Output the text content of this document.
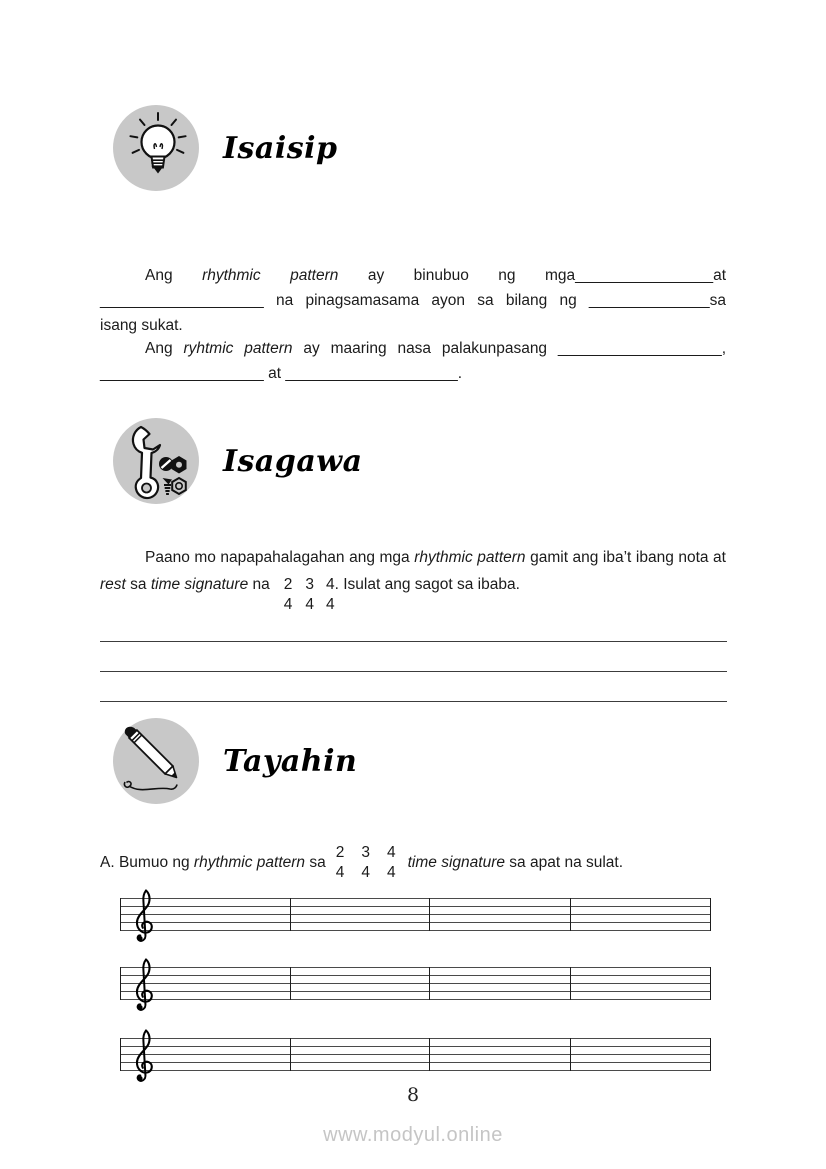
Isaisip
Ang rhythmic pattern ay binubuo ng mga________________at
___________________ na pinagsamasama ayon sa bilang ng ______________sa
isang sukat.
Ang ryhtmic pattern ay maaring nasa palakunpasang ___________________,
___________________ at ____________________.
Isagawa
Paano mo napapahalagahan ang mga rhythmic pattern gamit ang iba’t ibang nota at
rest sa time signature na 2
4
3
4
4
4
. Isulat ang sagot sa ibaba.
Tayahin
A. Bumuo ng rhythmic pattern sa
2
4
3
4
4
4
time signature sa apat na sulat.
8
www.modyul.online
